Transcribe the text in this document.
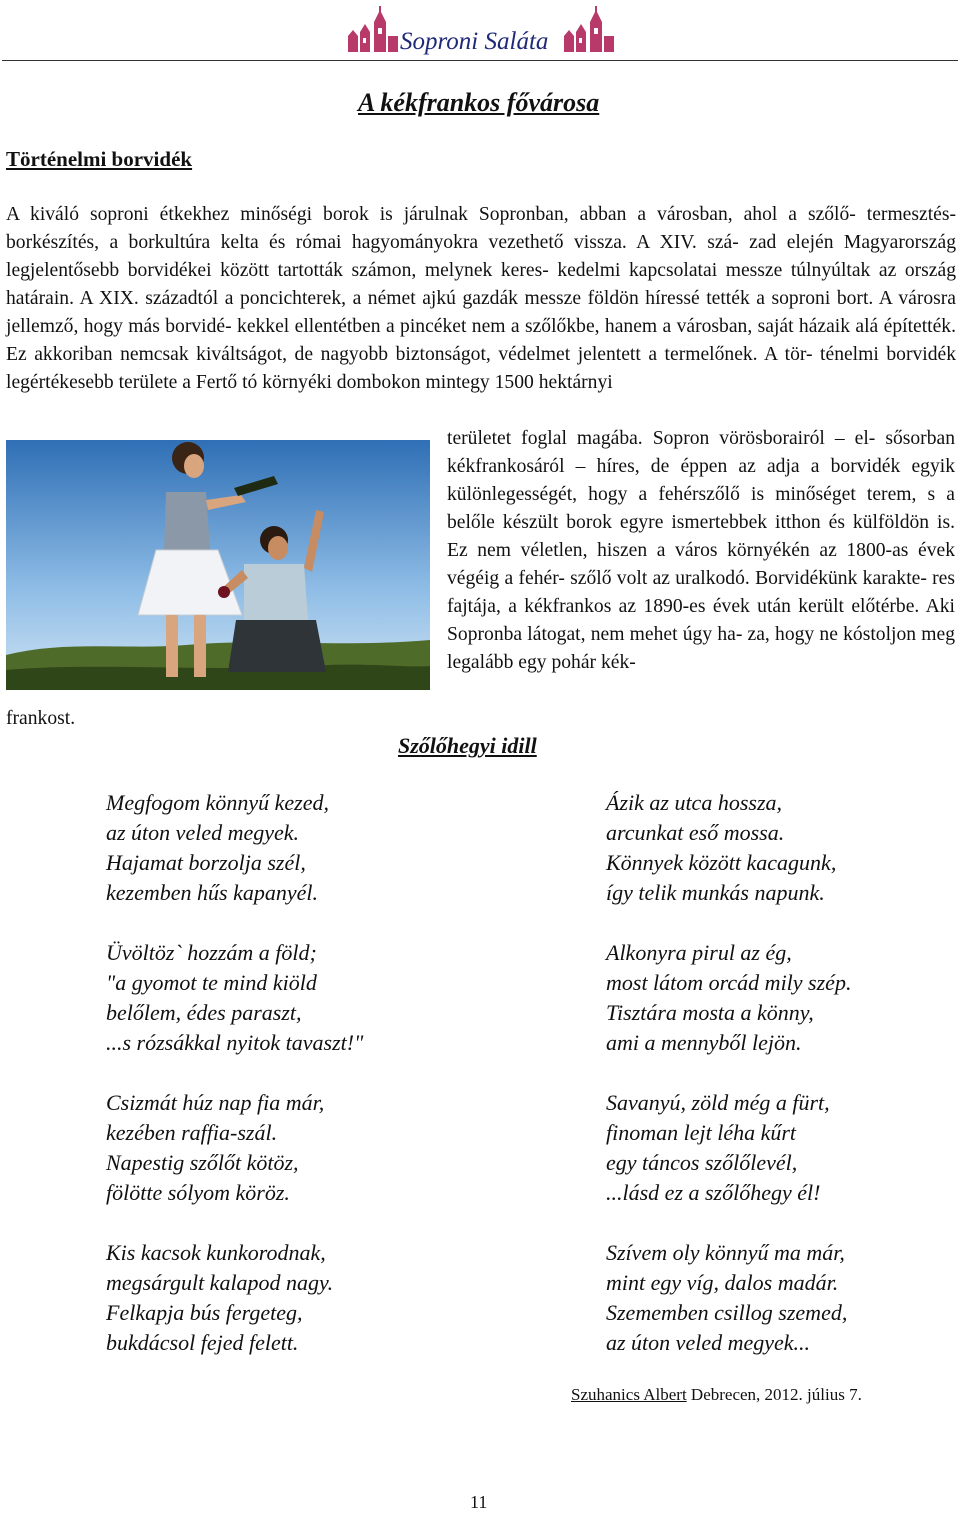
Soproni Saláta
A kékfrankos fővárosa
Történelmi borvidék

A kiváló soproni étkekhez minőségi borok is járulnak Sopronban, abban a városban, ahol a szőlő- termesztés-borkészítés, a borkultúra kelta és római hagyományokra vezethető vissza. A XIV. szá- zad elején Magyarország legjelentősebb borvidékei között tartották számon, melynek keres- kedelmi kapcsolatai messze túlnyúltak az ország határain. A XIX. századtól a poncichterek, a német ajkú gazdák messze földön híressé tették a soproni bort. A városra jellemző, hogy más borvidé- kekkel ellentétben a pincéket nem a szőlőkbe, hanem a városban, saját házaik alá építették. Ez akkoriban nemcsak kiváltságot, de nagyobb biztonságot, védelmet jelentett a termelőnek. A tör- ténelmi borvidék legértékesebb területe a Fertő tó környéki dombokon mintegy 1500 hektárnyi

területet foglal magába. Sopron vörösborairól – el- sősorban kékfrankosáról – híres, de éppen az adja a borvidék egyik különlegességét, hogy a fehérszőlő is minőséget terem, s a belőle készült borok egyre ismertebbek itthon és külföldön is. Ez nem véletlen, hiszen a város környékén az 1800-as évek végéig a fehér- szőlő volt az uralkodó. Borvidékünk karakte- res fajtája, a kékfrankos az 1890-es évek után került előtérbe. Aki Sopronba látogat, nem mehet úgy ha- za, hogy ne kóstoljon meg legalább egy pohár kék-

frankost.
Szőlőhegyi idill
Megfogom könnyű kezed,
az úton veled megyek.
Hajamat borzolja szél,
kezemben hűs kapanyél.
Üvöltöz` hozzám a föld;
"a gyomot te mind kiöld
belőlem, édes paraszt,
...s rózsákkal nyitok tavaszt!"
Csizmát húz nap fia már,
kezében raffia-szál.
Napestig szőlőt kötöz,
fölötte sólyom köröz.
Kis kacsok kunkorodnak,
megsárgult kalapod nagy.
Felkapja bús fergeteg,
bukdácsol fejed felett.
Ázik az utca hossza,
arcunkat eső mossa.
Könnyek között kacagunk,
így telik munkás napunk.
Alkonyra pirul az ég,
most látom orcád mily szép.
Tisztára mosta a könny,
ami a mennyből lejön.
Savanyú, zöld még a fürt,
finoman lejt léha kűrt
egy táncos szőlőlevél,
...lásd ez a szőlőhegy él!
Szívem oly könnyű ma már,
mint egy víg, dalos madár.
Szememben csillog szemed,
az úton veled megyek...
Szuhanics Albert Debrecen, 2012. július 7.
11
